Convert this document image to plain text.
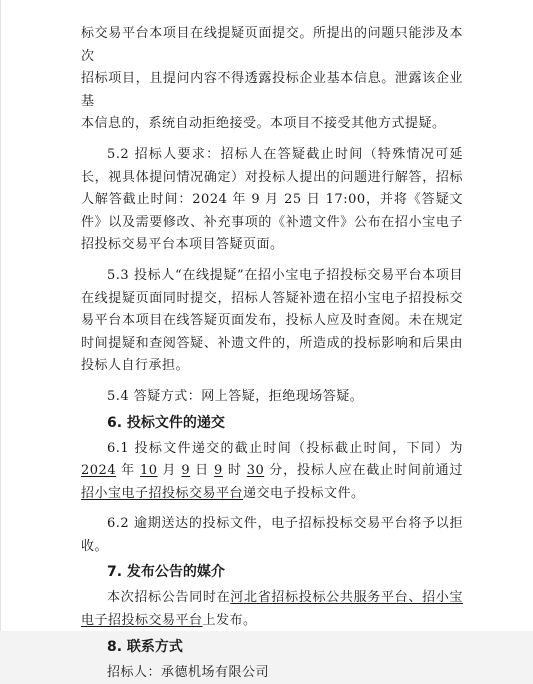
标交易平台本项目在线提疑页面提交。所提出的问题只能涉及本次
招标项目，且提问内容不得透露投标企业基本信息。泄露该企业基
本信息的，系统自动拒绝接受。本项目不接受其他方式提疑。

5.2 招标人要求：招标人在答疑截止时间（特殊情况可延长，视具体提问情况确定）对投标人提出的问题进行解答，招标人解答截止时间：2024 年 9 月 25 日 17:00，并将《答疑文件》以及需要修改、补充事项的《补遗文件》公布在招小宝电子招投标交易平台本项目答疑页面。

5.3 投标人“在线提疑”在招小宝电子招投标交易平台本项目在线提疑页面同时提交，招标人答疑补遗在招小宝电子招投标交易平台本项目在线答疑页面发布，投标人应及时查阅。未在规定时间提疑和查阅答疑、补遗文件的，所造成的投标影响和后果由投标人自行承担。

5.4 答疑方式：网上答疑，拒绝现场答疑。

6. 投标文件的递交

6.1 投标文件递交的截止时间（投标截止时间，下同）为 2024 年 10 月 9 日 9 时 30 分，投标人应在截止时间前通过招小宝电子招投标交易平台递交电子投标文件。

6.2 逾期送达的投标文件，电子招标投标交易平台将予以拒收。

7. 发布公告的媒介

本次招标公告同时在河北省招标投标公共服务平台、招小宝电子招投标交易平台上发布。

8. 联系方式

招标人：承德机场有限公司
